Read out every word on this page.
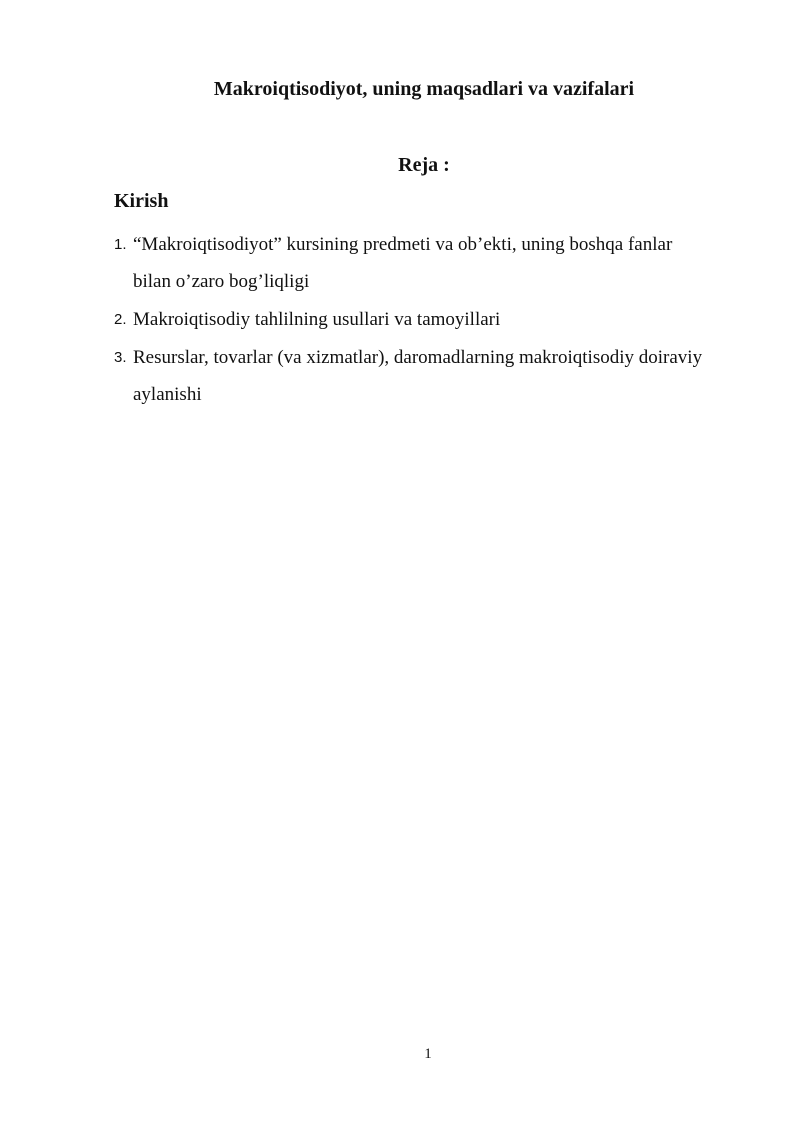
Makroiqtisodiyot, uning maqsadlari va vazifalari
Reja :
Kirish
1. “Makroiqtisodiyot” kursining predmeti va ob’ekti, uning boshqa fanlar bilan o’zaro bog’liqligi
2. Makroiqtisodiy tahlilning usullari va tamoyillari
3. Resurslar, tovarlar (va xizmatlar), daromadlarning makroiqtisodiy doiraviy aylanishi
1
